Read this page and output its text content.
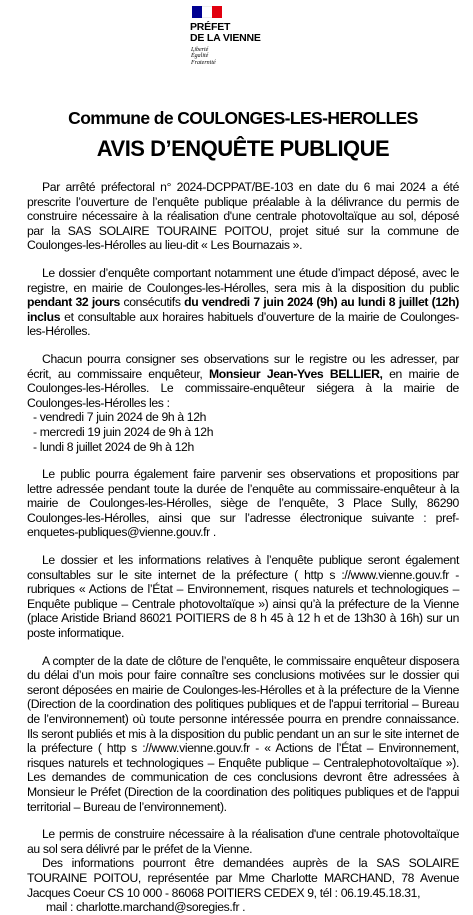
PRÉFET
DE LA VIENNE
Liberté
Égalité
Fraternité
Commune de COULONGES-LES-HEROLLES
AVIS D’ENQUÊTE PUBLIQUE

Par arrêté préfectoral n° 2024-DCPPAT/BE-103 en date du 6 mai 2024 a été prescrite l’ouverture de l’enquête publique préalable à la délivrance du permis de construire nécessaire à la réalisation d'une centrale photovoltaïque au sol, déposé par la SAS SOLAIRE TOURAINE POITOU, projet situé sur la commune de Coulonges-les-Hérolles au lieu-dit « Les Bournazais ».

Le dossier d’enquête comportant notamment une étude d’impact déposé, avec le registre, en mairie de Coulonges-les-Hérolles, sera mis à la disposition du public pendant 32 jours consécutifs du vendredi 7 juin 2024 (9h) au lundi 8 juillet (12h) inclus et consultable aux horaires habituels d’ouverture de la mairie de Coulonges-les-Hérolles.

Chacun pourra consigner ses observations sur le registre ou les adresser, par écrit, au commissaire enquêteur, Monsieur Jean-Yves BELLIER, en mairie de Coulonges-les-Hérolles. Le commissaire-enquêteur siégera à la mairie de Coulonges-les-Hérolles les :

- vendredi 7 juin 2024 de 9h à 12h
- mercredi 19 juin 2024 de 9h à 12h
- lundi 8 juillet 2024 de 9h à 12h

Le public pourra également faire parvenir ses observations et propositions par lettre adressée pendant toute la durée de l’enquête au commissaire-enquêteur à la mairie de Coulonges-les-Hérolles, siège de l’enquête, 3 Place Sully, 86290 Coulonges-les-Hérolles, ainsi que sur l’adresse électronique suivante : pref-enquetes-publiques@vienne.gouv.fr .

Le dossier et les informations relatives à l’enquête publique seront également consultables sur le site internet de la préfecture ( http s ://www.vienne.gouv.fr - rubriques « Actions de l’État – Environnement, risques naturels et technologiques – Enquête publique – Centrale photovoltaïque ») ainsi qu’à la préfecture de la Vienne (place Aristide Briand 86021 POITIERS de 8 h 45 à 12 h et de 13h30 à 16h) sur un poste informatique.

A compter de la date de clôture de l’enquête, le commissaire enquêteur disposera du délai d’un mois pour faire connaître ses conclusions motivées sur le dossier qui seront déposées en mairie de Coulonges-les-Hérolles et à la préfecture de la Vienne (Direction de la coordination des politiques publiques et de l'appui territorial – Bureau de l’environnement) où toute personne intéressée pourra en prendre connaissance. Ils seront publiés et mis à la disposition du public pendant un an sur le site internet de la préfecture ( http s ://www.vienne.gouv.fr - « Actions de l’État – Environnement, risques naturels et technologiques – Enquête publique – Centralephotovoltaïque »). Les demandes de communication de ces conclusions devront être adressées à Monsieur le Préfet (Direction de la coordination des politiques publiques et de l'appui territorial – Bureau de l’environnement).

Le permis de construire nécessaire à la réalisation d'une centrale photovoltaïque au sol sera délivré par le préfet de la Vienne.

Des informations pourront être demandées auprès de la SAS SOLAIRE TOURAINE POITOU, représentée par Mme Charlotte MARCHAND, 78 Avenue Jacques Coeur CS 10 000 - 86068 POITIERS CEDEX 9, tél : 06.19.45.18.31,

mail : charlotte.marchand@soregies.fr .
